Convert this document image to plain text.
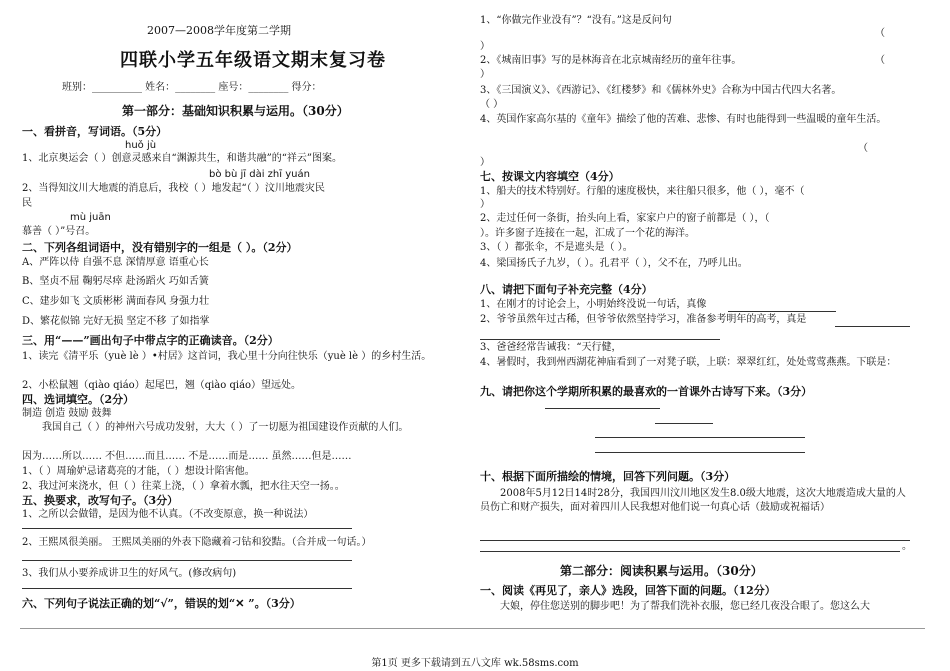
2007—2008学年度第二学期
四联小学五年级语文期末复习卷
班别：__________ 姓名：________ 座号：________ 得分：
第一部分：基础知识积累与运用。（30分）
一、看拼音，写词语。（5分）
huǒ jù
1、北京奥运会（ ）创意灵感来自“渊源共生，和谐共融”的“祥云”图案。
bò bù jī dài zhī yuán
2、当得知汶川大地震的消息后，我校（ ）地发起“（ ）汶川地震灾民
民
mù juān
慕善（ ）”号召。
二、下列各组词语中，没有错别字的一组是（ ）。（2分）
A、严阵以侍 自强不息 深情厚意 语重心长
B、坚贞不屈 鞠躬尽瘁 赴汤蹈火 巧如舌簧
C、建步如飞 文质彬彬 满面春风 身强力壮
D、繁花似锦 完好无损 坚定不移 了如指掌
三、用“——”画出句子中带点字的正确读音。（2分）
1、读完《清平乐（yuè lè ）•村居》这首词，我心里十分向往快乐（yuè lè ）的乡村生活。
2、小松鼠翘（qiào qiáo）起尾巴，翘（qiào qiáo）望远处。
四、选词填空。（2分）
制造 创造 鼓励 鼓舞
我国自己（ ）的神州六号成功发射，大大（ ）了一切愿为祖国建设作贡献的人们。
因为……所以…… 不但……而且…… 不是……而是…… 虽然……但是……
1、（ ）周瑜妒忌诸葛亮的才能，（ ）想设计陷害他。
2、我过河来浇水，但（ ）往菜上浇，（ ）拿着水瓢，把水往天空一扬。。
五、换要求，改写句子。（3分）
1、之所以会做错，是因为他不认真。（不改变原意，换一种说法）
2、王熙凤很美丽。 王熙凤美丽的外表下隐藏着刁钻和狡黠。（合并成一句话。）
3、我们从小要养成讲卫生的好风气。(修改病句)
六、下列句子说法正确的划“√”，错误的划“✕ ”。（3分）
1、“你做完作业没有”？“没有。”这是反问句
（
）
2、《城南旧事》写的是林海音在北京城南经历的童年往事。	（
）
3、《三国演义》、《西游记》、《红楼梦》和《儒林外史》合称为中国古代四大名著。
（ ）
4、英国作家高尔基的《童年》描绘了他的苦难、悲惨、有时也能得到一些温暖的童年生活。
（
）
七、按课文内容填空（4分）
1、船夫的技术特别好。行船的速度极快，来往船只很多，他（ ），毫不（
）
2、走过任何一条街，抬头向上看，家家户户的窗子前都是（ ），（
）。许多窗子连接在一起，汇成了一个花的海洋。
3、（ ）都张伞，不是遮头是（ ）。
4、梁国扬氏子九岁，（ ）。孔君平（ ），父不在，乃呼儿出。
八、请把下面句子补充完整（4分）
1、在刚才的讨论会上，小明始终没说一句话，真像
2、爷爷虽然年过古稀，但爷爷依然坚持学习，准备参考明年的高考，真是
3、爸爸经常告诫我：“天行健，
4、暑假时，我到州西湖花神庙看到了一对凳子联，上联：翠翠红红，处处莺莺燕燕。下联是：
九、请把你这个学期所积累的最喜欢的一首课外古诗写下来。（3分）
十、根据下面所描绘的情境，回答下列问题。（3分）
2008年5月12日14时28分，我国四川汶川地区发生8.0级大地震，这次大地震造成大量的人员伤亡和财产损失，面对着四川人民我想对他们说一句真心话（鼓励或祝福话）
。
第二部分：阅读积累与运用。（30分）
一、阅读《再见了，亲人》选段，回答下面的问题。（12分）
大娘，停住您送别的脚步吧！为了帮我们洗补衣服，您已经几夜没合眼了。您这么大
第1页 更多下载请到五八文库 wk.58sms.com
